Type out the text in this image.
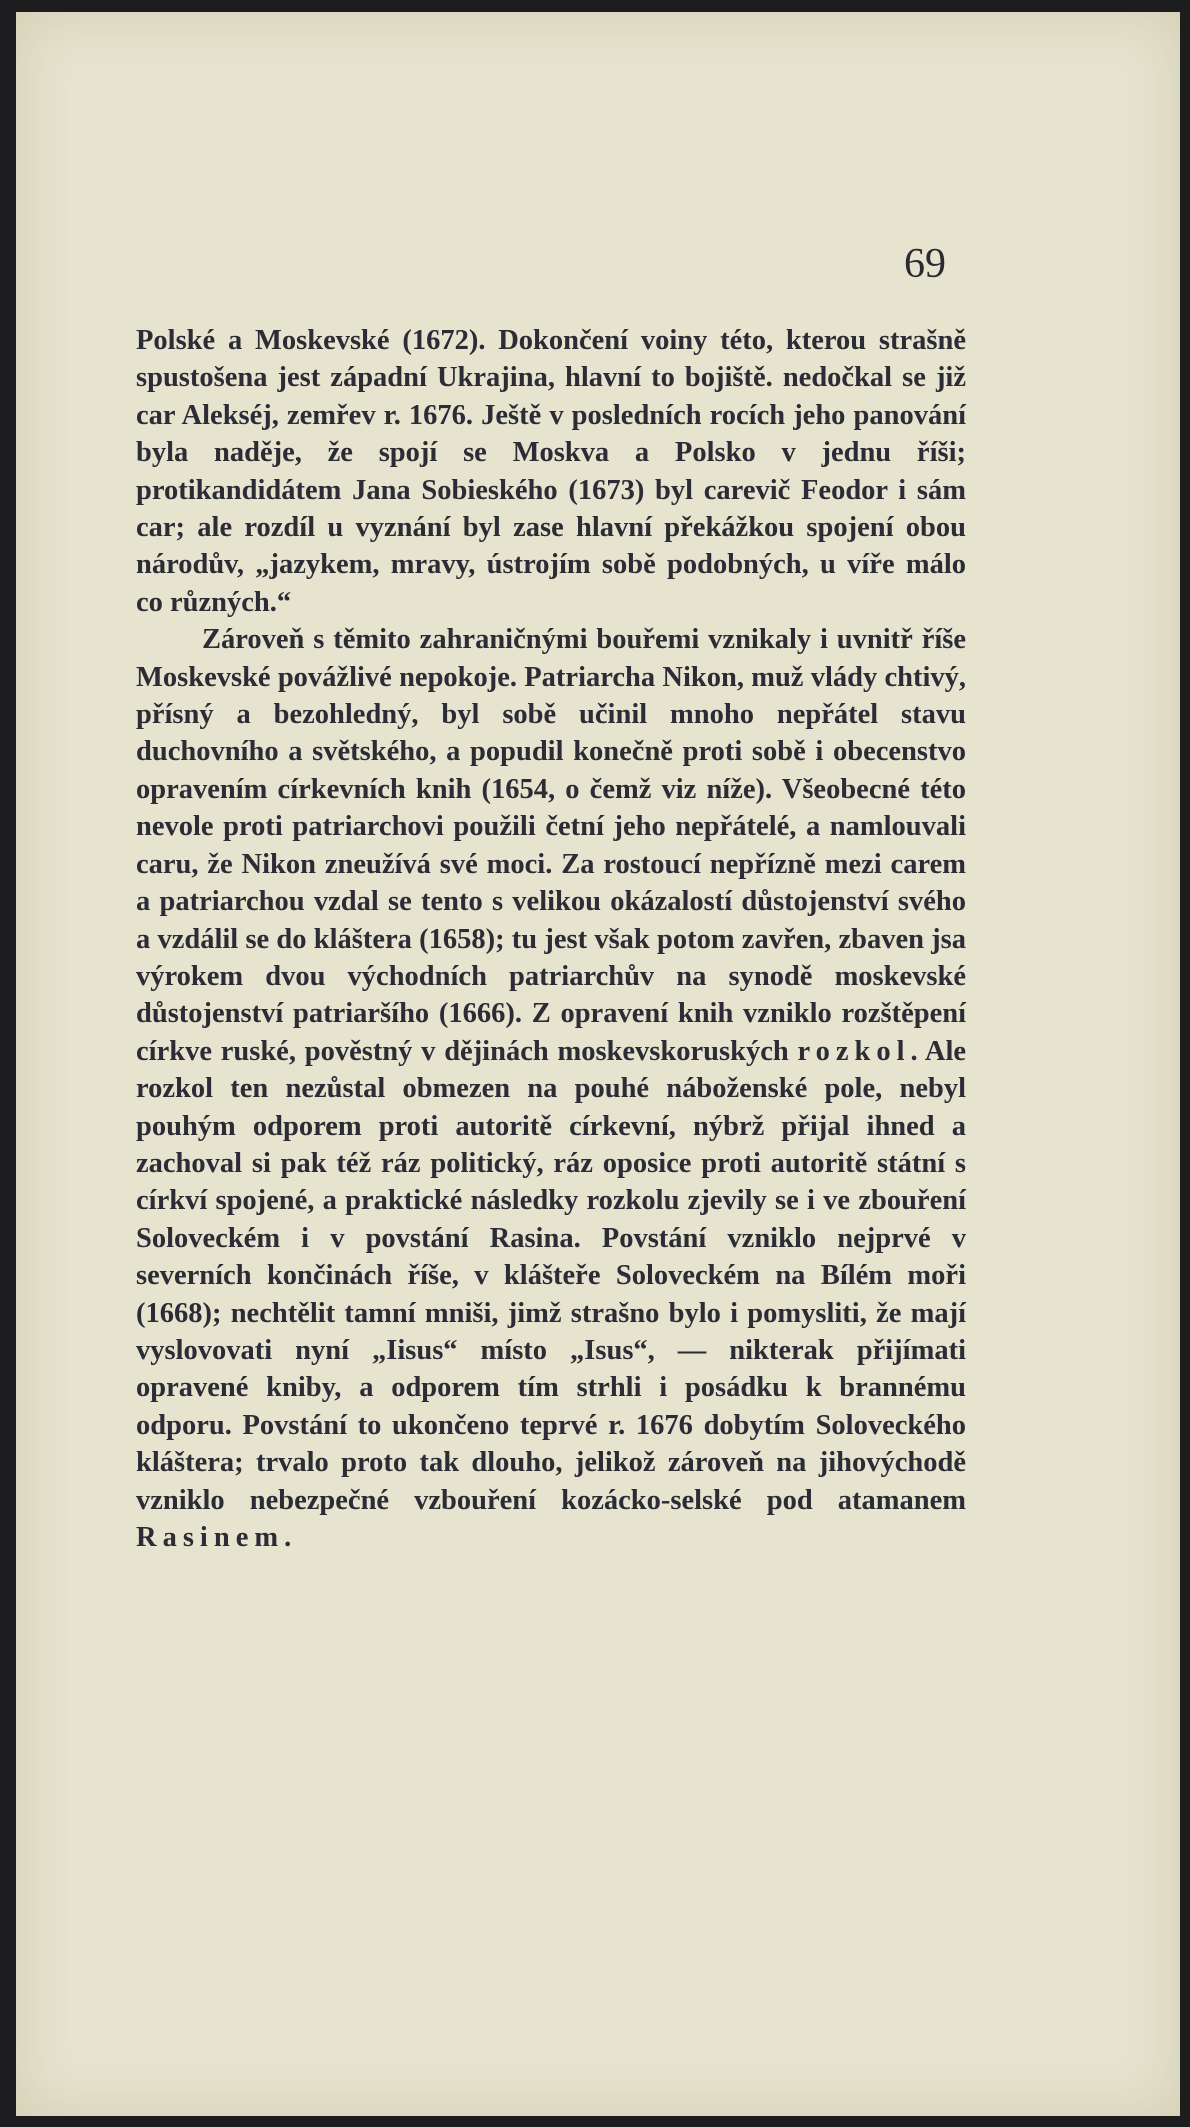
69

Polské a Moskevské (1672). Dokončení voiny této, kterou strašně spustošena jest západní Ukrajina, hlavní to bojiště. nedočkal se již car Alekséj, zemřev r. 1676. Ještě v posledních rocích jeho panování byla naděje, že spojí se Moskva a Polsko v jednu říši; protikandidátem Jana Sobieského (1673) byl carevič Feodor i sám car; ale rozdíl u vyznání byl zase hlavní překážkou spojení obou národův, „jazykem, mravy, ústrojím sobě podobných, u víře málo co různých.“

Zároveň s těmito zahraničnými bouřemi vznikaly i uvnitř říše Moskevské povážlivé nepokoje. Patriarcha Nikon, muž vlády chtivý, přísný a bezohledný, byl sobě učinil mnoho nepřátel stavu duchovního a světského, a popudil konečně proti sobě i obecenstvo opravením církevních knih (1654, o čemž viz níže). Všeobecné této nevole proti patriarchovi použili četní jeho nepřátelé, a namlouvali caru, že Nikon zneužívá své moci. Za rostoucí nepřízně mezi carem a patriarchou vzdal se tento s velikou okázalostí důstojenství svého a vzdálil se do kláštera (1658); tu jest však potom zavřen, zbaven jsa výrokem dvou východních patriarchův na synodě moskevské důstojenství patriaršího (1666). Z opravení knih vzniklo rozštěpení církve ruské, pověstný v dějinách moskevskoruských rozkol. Ale rozkol ten nezůstal obmezen na pouhé náboženské pole, nebyl pouhým odporem proti autoritě církevní, nýbrž přijal ihned a zachoval si pak též ráz politický, ráz oposice proti autoritě státní s církví spojené, a praktické následky rozkolu zjevily se i ve zbouření Soloveckém i v povstání Rasina. Povstání vzniklo nejprvé v severních končinách říše, v klášteře Soloveckém na Bílém moři (1668); nechtělit tamní mniši, jimž strašno bylo i pomysliti, že mají vyslovovati nyní „Iisus“ místo „Isus“, — nikterak přijímati opravené kniby, a odporem tím strhli i posádku k brannému odporu. Povstání to ukončeno teprvé r. 1676 dobytím Soloveckého kláštera; trvalo proto tak dlouho, jelikož zároveň na jihovýchodě vzniklo nebezpečné vzbouření kozácko-selské pod atamanem Rasinem.
